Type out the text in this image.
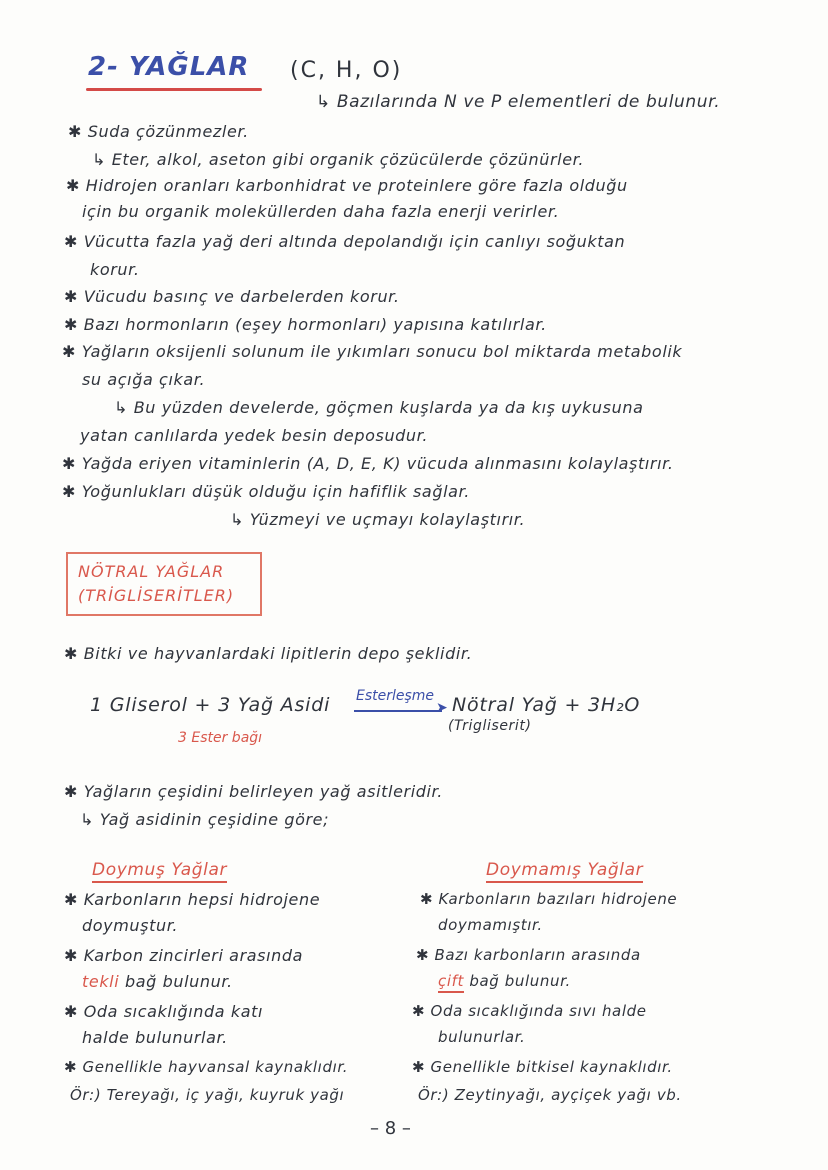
2- YAĞLAR (C, H, O)
↳ Bazılarında N ve P elementleri de bulunur.
✱ Suda çözünmezler.
↳ Eter, alkol, aseton gibi organik çözücülerde çözünürler.
✱ Hidrojen oranları karbonhidrat ve proteinlere göre fazla olduğu
için bu organik moleküllerden daha fazla enerji verirler.
✱ Vücutta fazla yağ deri altında depolandığı için canlıyı soğuktan
korur.
✱ Vücudu basınç ve darbelerden korur.
✱ Bazı hormonların (eşey hormonları) yapısına katılırlar.
✱ Yağların oksijenli solunum ile yıkımları sonucu bol miktarda metabolik
su açığa çıkar.
↳ Bu yüzden develerde, göçmen kuşlarda ya da kış uykusuna
yatan canlılarda yedek besin deposudur.
✱ Yağda eriyen vitaminlerin (A, D, E, K) vücuda alınmasını kolaylaştırır.
✱ Yoğunlukları düşük olduğu için hafiflik sağlar.
↳ Yüzmeyi ve uçmayı kolaylaştırır.
NÖTRAL YAĞLAR
(TRİGLİSERİTLER)
✱ Bitki ve hayvanlardaki lipitlerin depo şeklidir.
1 Gliserol + 3 Yağ Asidi Esterleşme
➤ Nötral Yağ + 3H₂O
(Trigliserit)
3 Ester bağı
✱ Yağların çeşidini belirleyen yağ asitleridir.
↳ Yağ asidinin çeşidine göre;
Doymuş Yağlar
✱ Karbonların hepsi hidrojene
doymuştur.
✱ Karbon zincirleri arasında
tekli bağ bulunur.
✱ Oda sıcaklığında katı
halde bulunurlar.
✱ Genellikle hayvansal kaynaklıdır.
Ör:) Tereyağı, iç yağı, kuyruk yağı
Doymamış Yağlar
✱ Karbonların bazıları hidrojene
doymamıştır.
✱ Bazı karbonların arasında
çift bağ bulunur.
✱ Oda sıcaklığında sıvı halde
bulunurlar.
✱ Genellikle bitkisel kaynaklıdır.
Ör:) Zeytinyağı, ayçiçek yağı vb.
– 8 –
